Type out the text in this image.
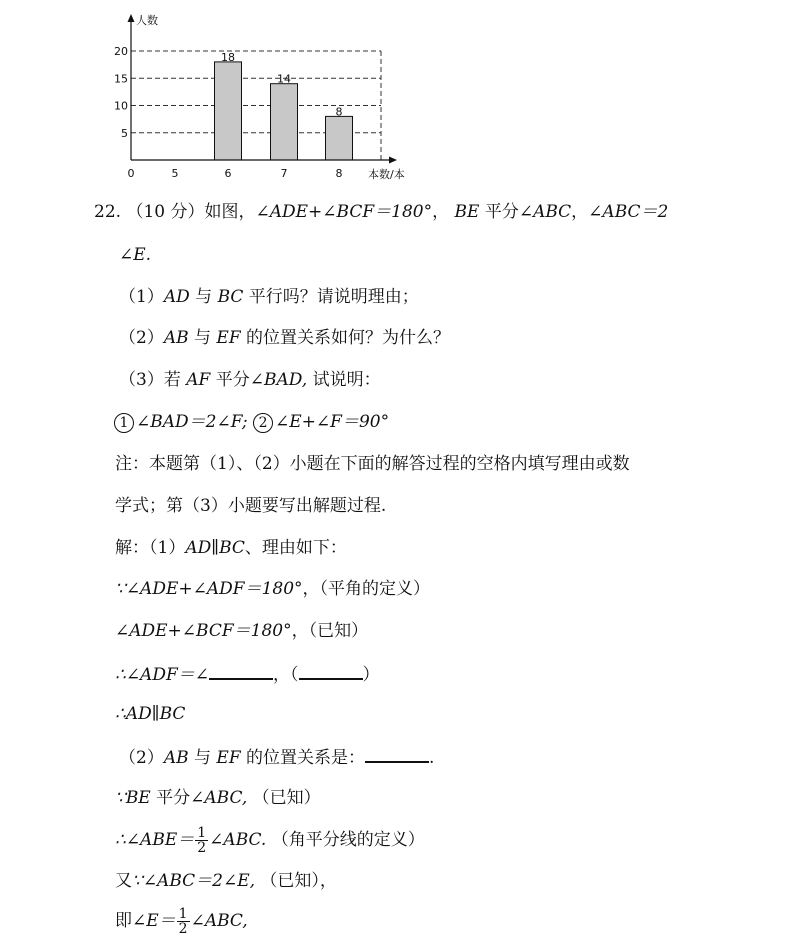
18
14
8
人数
本数/本
5
10
15
20
0	5	6	7	8
22. （10 分）如图，∠ADE+∠BCF＝180°， BE 平分∠ABC，∠ABC＝2
∠E.
（1）AD 与 BC 平行吗？请说明理由；
（2）AB 与 EF 的位置关系如何？为什么？
（3）若 AF 平分∠BAD, 试说明：
1 ∠BAD＝2∠F; 2 ∠E+∠F＝90°
注：本题第（1）、（2）小题在下面的解答过程的空格内填写理由或数
学式；第（3）小题要写出解题过程.
解：（1）AD∥BC、理由如下：
∵∠ADE+∠ADF＝180°，（平角的定义）
∠ADE+∠BCF＝180°，（已知）
∴∠ADF＝∠	，（	）
∴AD∥BC
（2）AB 与 EF 的位置关系是：	.
∵BE 平分∠ABC, （已知）
∴∠ABE＝ $\frac{1}{2}$ ∠ABC. （角平分线的定义）
又∵∠ABC＝2∠E, （已知），
即∠E＝ $\frac{1}{2}$ ∠ABC,
